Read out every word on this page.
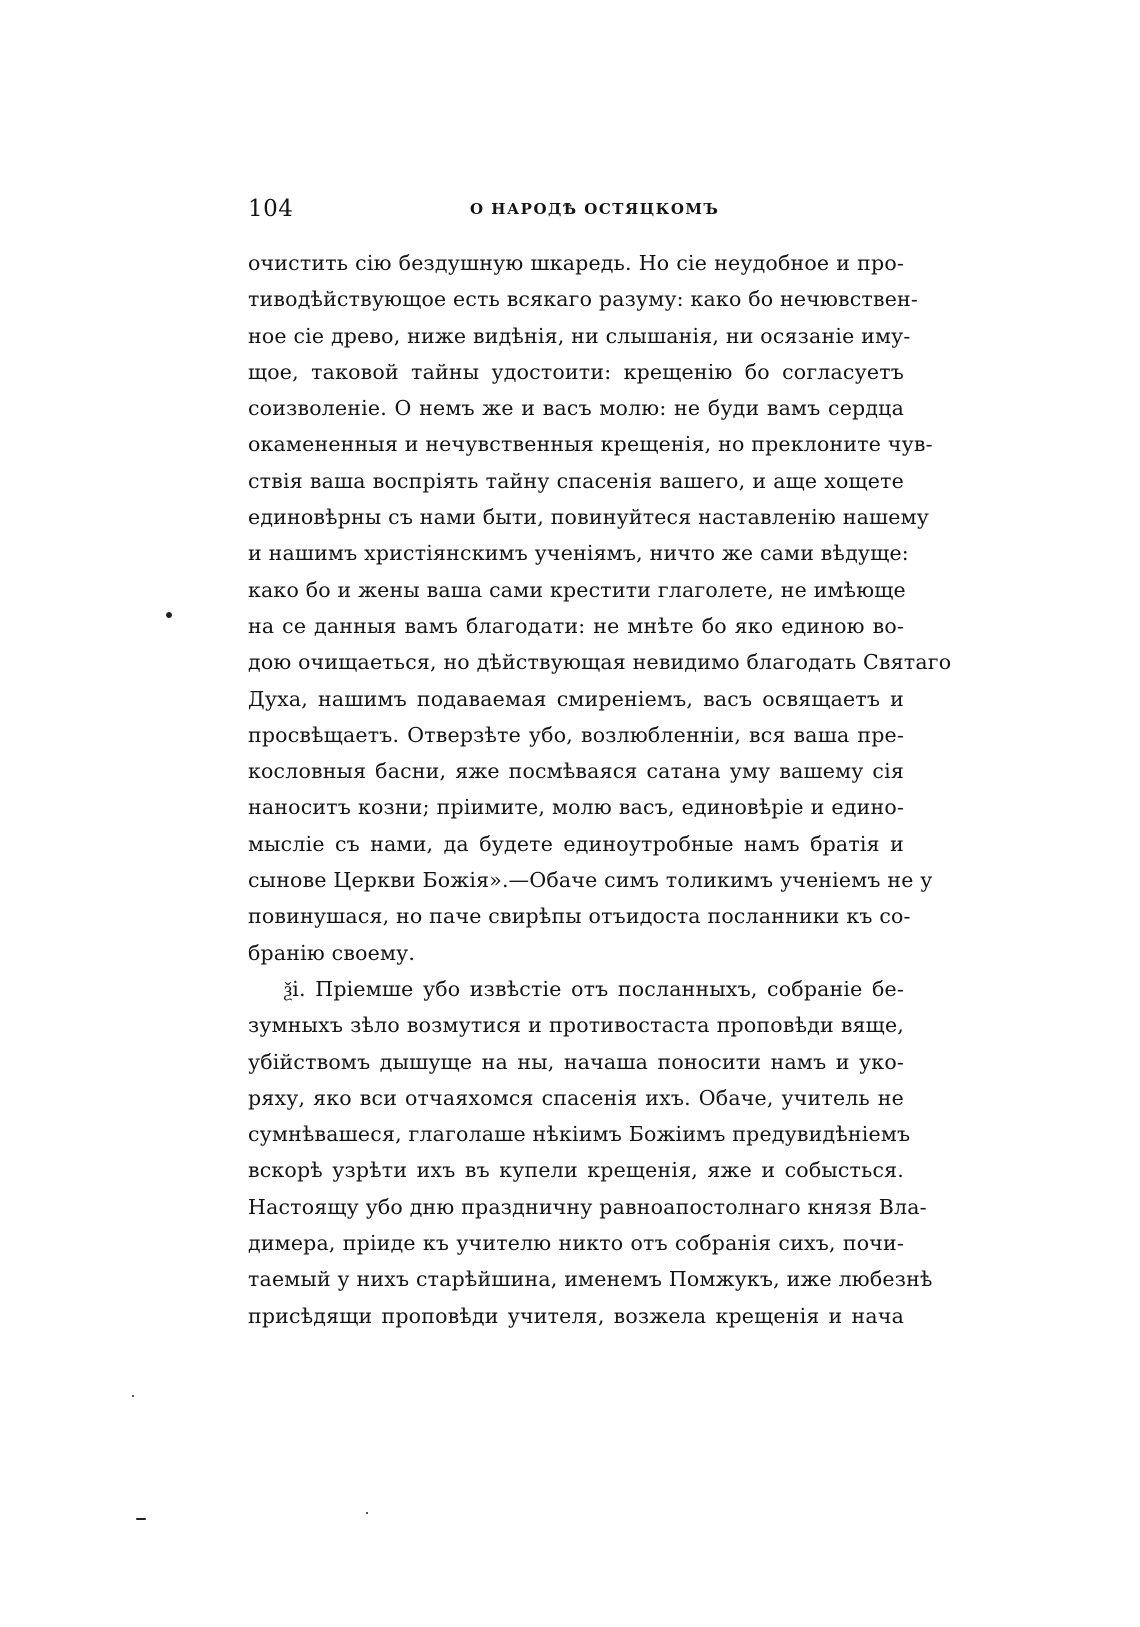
104	О НАРОДѢ ОСТЯЦКОМЪ
очистить сію бездушную шкаредь. Но сіе неудобное и про-
тиводѣйствующое есть всякаго разуму: како бо нечювствен-
ное сіе древо, ниже видѣнія, ни слышанія, ни осязаніе иму-
щое, таковой тайны удостоити: крещенію бо согласуетъ
соизволеніе. О немъ же и васъ молю: не буди вамъ сердца
окамененныя и нечувственныя крещенія, но преклоните чув-
ствія ваша воспріять тайну спасенія вашего, и аще хощете
единовѣрны съ нами быти, повинуйтеся наставленію нашему
и нашимъ христіянскимъ ученіямъ, ничто же сами вѣдуще:
како бо и жены ваша сами крестити глаголете, не имѣюще
на се данныя вамъ благодати: не мнѣте бо яко единою во-
дою очищаеться, но дѣйствующая невидимо благодать Святаго
Духа, нашимъ подаваемая смиреніемъ, васъ освящаетъ и
просвѣщаетъ. Отверзѣте убо, возлюбленніи, вся ваша пре-
кословныя басни, яже посмѣваяся сатана уму вашему сія
наноситъ козни; пріимите, молю васъ, единовѣріе и едино-
мысліе съ нами, да будете единоутробные намъ братія и
сынове Церкви Божія».—Обаче симъ толикимъ ученіемъ не у
повинушася, но паче свирѣпы отъидоста посланники къ со-
бранію своему.
ѯі. Пріемше убо извѣстіе отъ посланныхъ, собраніе бе-
зумныхъ зѣло возмутися и противостаста проповѣди вяще,
убійствомъ дышуще на ны, начаша поносити намъ и уко-
ряху, яко вси отчаяхомся спасенія ихъ. Обаче, учитель не
сумнѣвашеся, глаголаше нѣкіимъ Божіимъ предувидѣніемъ
вскорѣ узрѣти ихъ въ купели крещенія, яже и собысться.
Настоящу убо дню праздничну равноапостолнаго князя Вла-
димера, пріиде къ учителю никто отъ собранія сихъ, почи-
таемый у нихъ старѣйшина, именемъ Помжукъ, иже любезнѣ
присѣдящи проповѣди учителя, возжела крещенія и нача
